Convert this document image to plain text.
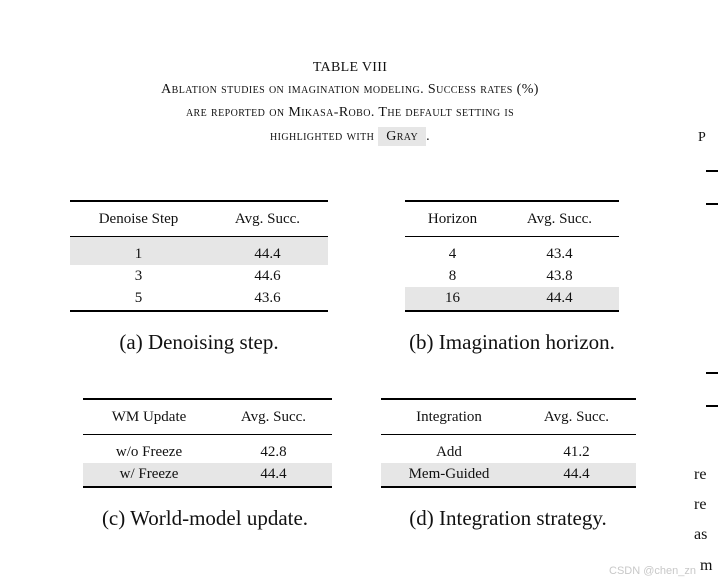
TABLE VIII
Ablation studies on imagination modeling. Success rates (%)
are reported on Mikasa-Robo. The default setting is
highlighted with Gray .
Denoise Step	Avg. Succ.
1	44.4
3	44.6
5	43.6
(a) Denoising step.
Horizon	Avg. Succ.
4	43.4
8	43.8
16	44.4
(b) Imagination horizon.
WM Update	Avg. Succ.
w/o Freeze	42.8
w/ Freeze	44.4
(c) World-model update.
Integration	Avg. Succ.
Add	41.2
Mem-Guided	44.4
(d) Integration strategy.
P
re
re
as
m
CSDN @chen_zn
